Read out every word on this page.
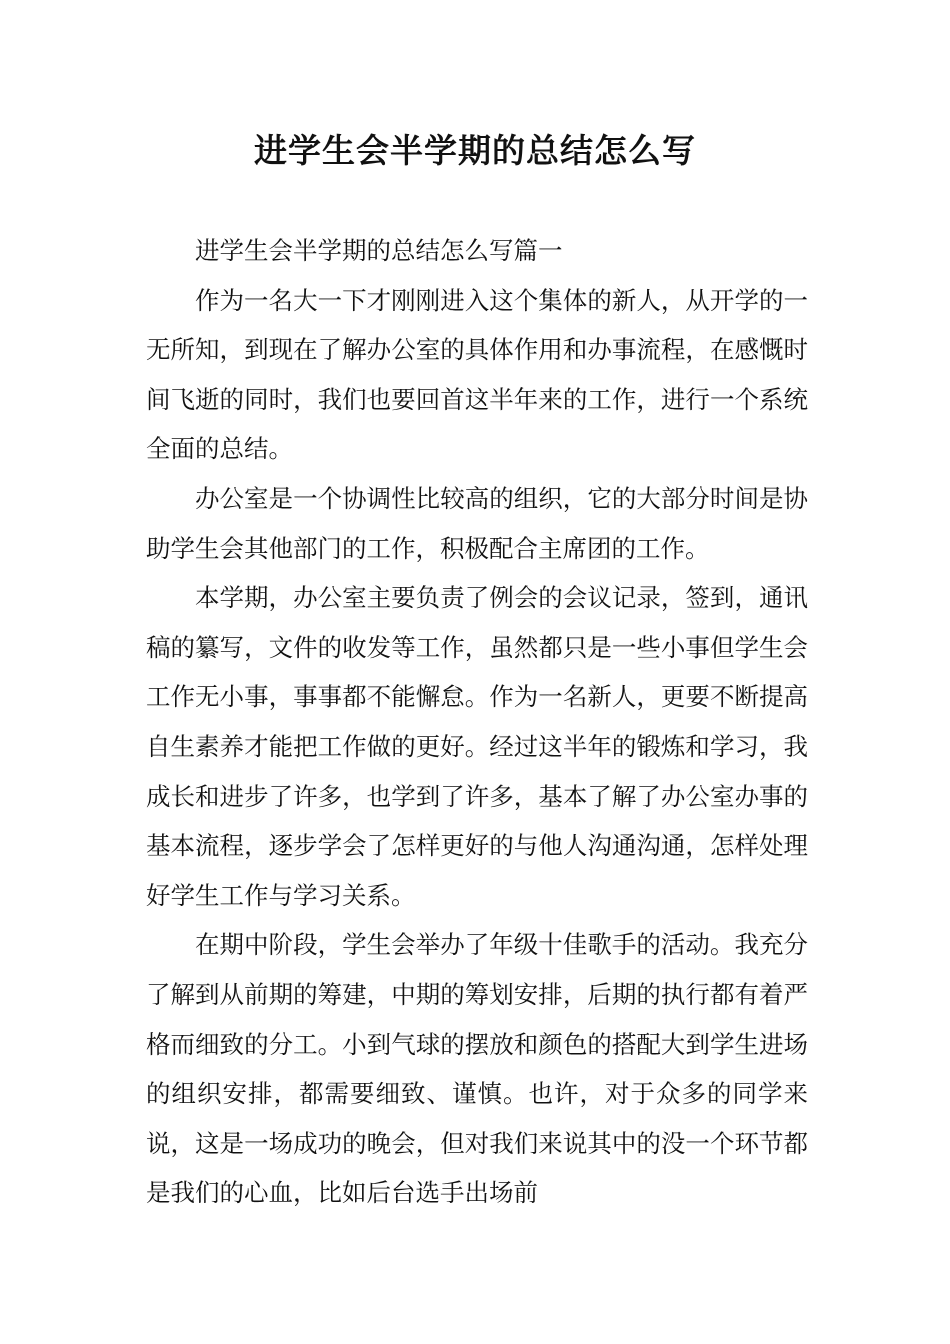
进学生会半学期的总结怎么写

进学生会半学期的总结怎么写篇一

作为一名大一下才刚刚进入这个集体的新人，从开学的一无所知，到现在了解办公室的具体作用和办事流程，在感慨时间飞逝的同时，我们也要回首这半年来的工作，进行一个系统全面的总结。

办公室是一个协调性比较高的组织，它的大部分时间是协助学生会其他部门的工作，积极配合主席团的工作。

本学期，办公室主要负责了例会的会议记录，签到，通讯稿的纂写，文件的收发等工作，虽然都只是一些小事但学生会工作无小事，事事都不能懈怠。作为一名新人，更要不断提高自生素养才能把工作做的更好。经过这半年的锻炼和学习，我成长和进步了许多，也学到了许多，基本了解了办公室办事的基本流程，逐步学会了怎样更好的与他人沟通沟通，怎样处理好学生工作与学习关系。

在期中阶段，学生会举办了年级十佳歌手的活动。我充分了解到从前期的筹建，中期的筹划安排，后期的执行都有着严格而细致的分工。小到气球的摆放和颜色的搭配大到学生进场的组织安排，都需要细致、谨慎。也许，对于众多的同学来说，这是一场成功的晚会，但对我们来说其中的没一个环节都是我们的心血，比如后台选手出场前
